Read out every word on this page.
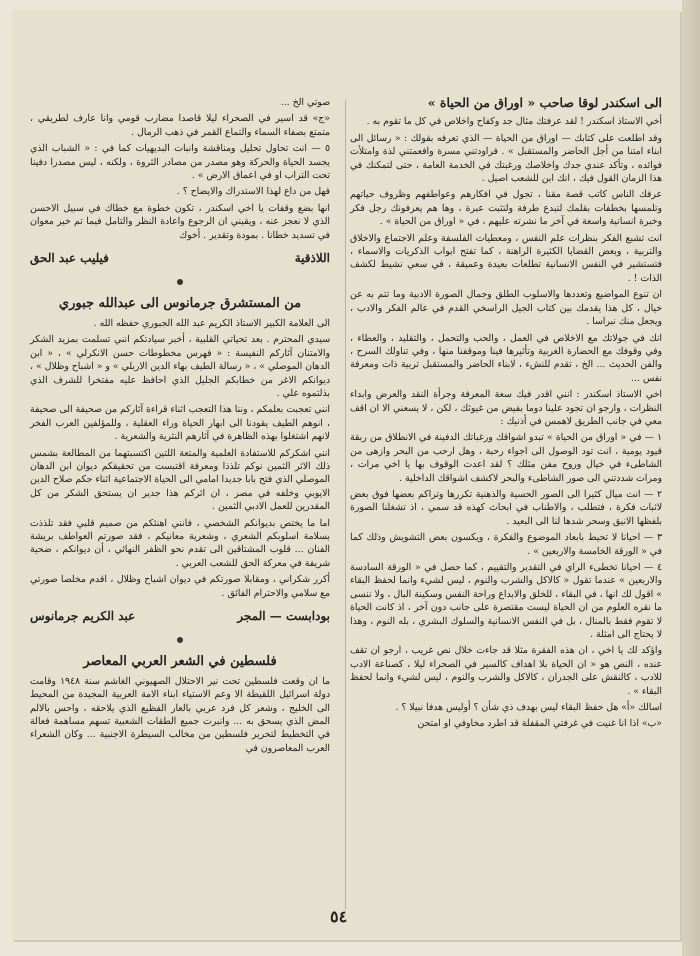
الى اسكندر لوقا صاحب « اوراق من الحياة »

أخي الاستاذ اسكندر ! لقد عرفتك مثال جد وكفاح واخلاص في كل ما تقوم به .

وقد اطلعت على كتابك — اوراق من الحياة — الذي تعرفه بقولك : « رسائل الى ابناء امتنا من أجل الحاضر والمستقبل » . فراودتني مسرة وافعمتني لذة وامتلأت فوائده ، وتأكد عندي جدك واخلاصك ورغبتك في الخدمة العامة ، حتى لتمكنك في هذا الزمان القول فيك ، انك ابن للشعب اصيل .

عرفك الناس كاتب قصة مقنا ، تجول في افكارهم وعواطفهم وظروف حياتهم وتلمسها بخطفات بقلمك لتبدع طرفة ولتثبت عبرة ، وها هم يعرفونك رجل فكر وخبرة انسانية واسعة في آخر ما نشرته عليهم ، في « اوراق من الحياة » .

انت تشبع الفكر بنظرات علم النفس ، ومعطيات الفلسفة وعلم الاجتماع والاخلاق والتربية ، وبعض القضايا الكثيرة الراهنة ، كما تفتح ابواب الذكريات والاسماء ، فتستشير في النفس الانسانية تطلعات بعيدة وعميقة ، في سعي نشيط لكشف الذات ! .

ان تنوع المواضيع وتعددها والاسلوب الطلق وجمال الصورة الادبية وما تتم به عن خيال ، كل هذا يقدمك بين كتاب الجيل الراسخي القدم في عالم الفكر والادب ، ويجعل منك نبراسا .

انك في جولاتك مع الاخلاص في العمل ، والحب والتحمل ، والتقليد ، والعطاء ، وفي وقوفك مع الحضارة الغربية وتأثيرها فينا وموقفنا منها ، وفي تناولك السرح ، والفن الحديث ... الخ ، تقدم للنشء ، لابناء الحاضر والمستقبل تربية ذات ومعرفة نفس ...

اخي الاستاذ اسكندر : انني اقدر فيك سعة المعرفة وجرأة النقد والعرض وابداء النظرات ، وارجو ان تجود علينا دوما بفيض من غيوثك ، لكن ، لا يسعني الا ان اقف معي في جانب الطريق لاهمس في أذنيك :

١ — في « اوراق من الحياة » تبدو اشواقك ورغباتك الدفينة في الانطلاق من ربقة قيود يومية ، انت تود الوصول الى اجواء رحبة ، وهل ارحب من البحر وازهى من الشاطىء في خيال وروح مفن مثلك ؟ لقد اعدت الوقوف بها يا اخي مرات ، ومرات شددتني الى صور الشاطىء والبحر لاكشف اشواقك الداخلية .

٢ — انت ميال كثيرا الى الصور الحسية والذهنية تكررها وتراكم بعضها فوق بعض لاثبات فكرة ، فتطلب ، والاطناب في ابحاث كهذه قد سمي ، اذ تشغلنا الصورة بلفظها الانيق وسحر شدها لنا الى البعيد .

٣ — احيانا لا تحيط بابعاد الموضوع والفكرة ، ويكسون بعض التشويش وذلك كما في « الورقة الخامسة والاربعين » .

٤ — احيانا تخطىء الراي في التقدير والتقييم ، كما حصل في « الورقة السادسة والاربعين » عندما تقول « كالاكل والشرب والنوم ، ليس لشيء وانما لحفظ البقاء » اقول لك انها ، في البقاء ، للخلق والابداع وراحة النفس وسكينة البال ، ولا ننسى ما نقره العلوم من ان الحياة ليست مقتصرة على جانب دون آخر ، اذ كانت الحياة لا تقوم فقط بالمنال ، بل في النفس الانسانية والسلوك البشري ، بله النوم ، وهذا لا يحتاج الى امثلة .

واؤكد لك يا اخي ، ان هذه الفقرة مثلا قد جاءت خلال نص غريب ، ارجو ان تقف عنده ، النص هو « ان الحياة بلا اهداف كالسير في الصحراء ليلا ، كصناعة الادب للادب ، كالنقش على الجدران ، كالاكل والشرب والنوم ، ليس لشيء وانما لحفظ البقاء » .

اسالك «أ» هل حفظ البقاء ليس بهدف ذي شأن ؟ أوليس هدفا نبيلا ؟ .

«ب» اذا انا غنيت في غرفتي المقفلة قد اطرد مخاوفي او امتحن

صوتي الخ ...

«ج» قد اسير في الصحراء ليلا قاصدا مضارب قومي وانا عارف لطريقي ، متمتع بصفاء السماء والتماع القمر في ذهب الرمال .

٥ — انت تحاول تحليل ومناقشة وانبات البديهيات كما في : « الشباب الذي يجسد الحياة والحركة وهو مصدر من مصادر الثروة ، ولكنه ، ليس مصدرا دفينا تحت التراب او في اعماق الارض » .

فهل من داع لهذا الاستدراك والايضاح ؟ .

انها بضع وقفات يا اخي اسكندر ، تكون خطوة مع خطاك في سبيل الاحسن الذي لا نعجز عنه ، ويقيني ان الرجوع واعادة النظر والتامل فيما تم خير معوان في تسديد خطانا . بمودة وتقدير . أخوك

اللاذقية
فيليب عبد الحق
من المستشرق جرمانوس الى عبدالله جبوري

الى العلامة الكبير الاستاذ الكريم عبد الله الجبوري حفظه الله .

سيدي المحترم . بعد تحياتي القلبية ، أخبر سيادتكم انني تسلمت بمزيد الشكر والامتنان آثاركم النفيسة : « فهرس مخطوطات حسن الانكرلي » ، « ابن الدهان الموصلي » ، « رسالة الطيف بهاء الدين الاربلي » و « اشباح وظلال » ، ديوانكم الاغر من خطابكم الجليل الذي احافظ عليه مفتخرا للشرف الذي بذلتموه علي .

انني تعجبت بعلمكم ، وننا هذا التعجب اثناء قراءة آثاركم من صحيفة الى صحيفة ، انوهم الطيف يقودنا الى ابهار الحياة وراء العقلية ، وللمؤلفين العرب الفخر لانهم اشتغلوا بهذه الظاهرة في آثارهم النثرية والشعرية .

انني اشكركم للاستفادة العلمية والمتعة اللتين اكتسبتهما من المطالعة بشمس ذلك الاثر الثمين نوكم تلذذا ومعرفة اقتبست من تحقيقكم ديوان ابن الدهان الموصلي الذي فتح بابا جديدا امامي الى الحياة الاجتماعية اثناء حكم صلاح الدين الايوبي وخلفه في مصر ، ان اثركم هذا جدير ان يستحق الشكر من كل المقدرين للعمل الادبي الثمين .

اما ما يختص بديوانكم الشخصي ، فانني اهنئكم من صميم قلبي فقد تلذذت بسلامة اسلوبكم الشعري ، وشعرية معانيكم ، فقد صورتم العواطف بريشة الفنان ... قلوب المشتاقين الى تقدم نحو الظفر النهائي ، أن ديوانكم ، ضحية شريفة في معركة الحق للشعب العربي .

أكرر شكراني ، ومقابلا صورتكم في ديوان اشباح وظلال ، اقدم مخلصا صورتي مع سلامي والاحترام الفائق .

بودابست — المجر
عبد الكريم جرمانوس
فلسطين في الشعر العربي المعاصر

ما ان وقعت فلسطين تحت نير الاحتلال الصهيوني الغاشم سنة ١٩٤٨ وقامت دولة اسرائيل اللقيطة الا وعم الاستياء ابناء الامة العربية المجيدة من المحيط الى الخليج ، وشعر كل فرد عربي بالعار الفظيع الذي يلاحقه ، واحس بالالم المض الذي يسحق به ... وانبرت جميع الطقات الشعبية تسهم مساهمة فعالة في التخطيط لتحرير فلسطين من مخالب السيطرة الاجنبية ... وكان الشعراء العرب المعاصرون في

٥٤
